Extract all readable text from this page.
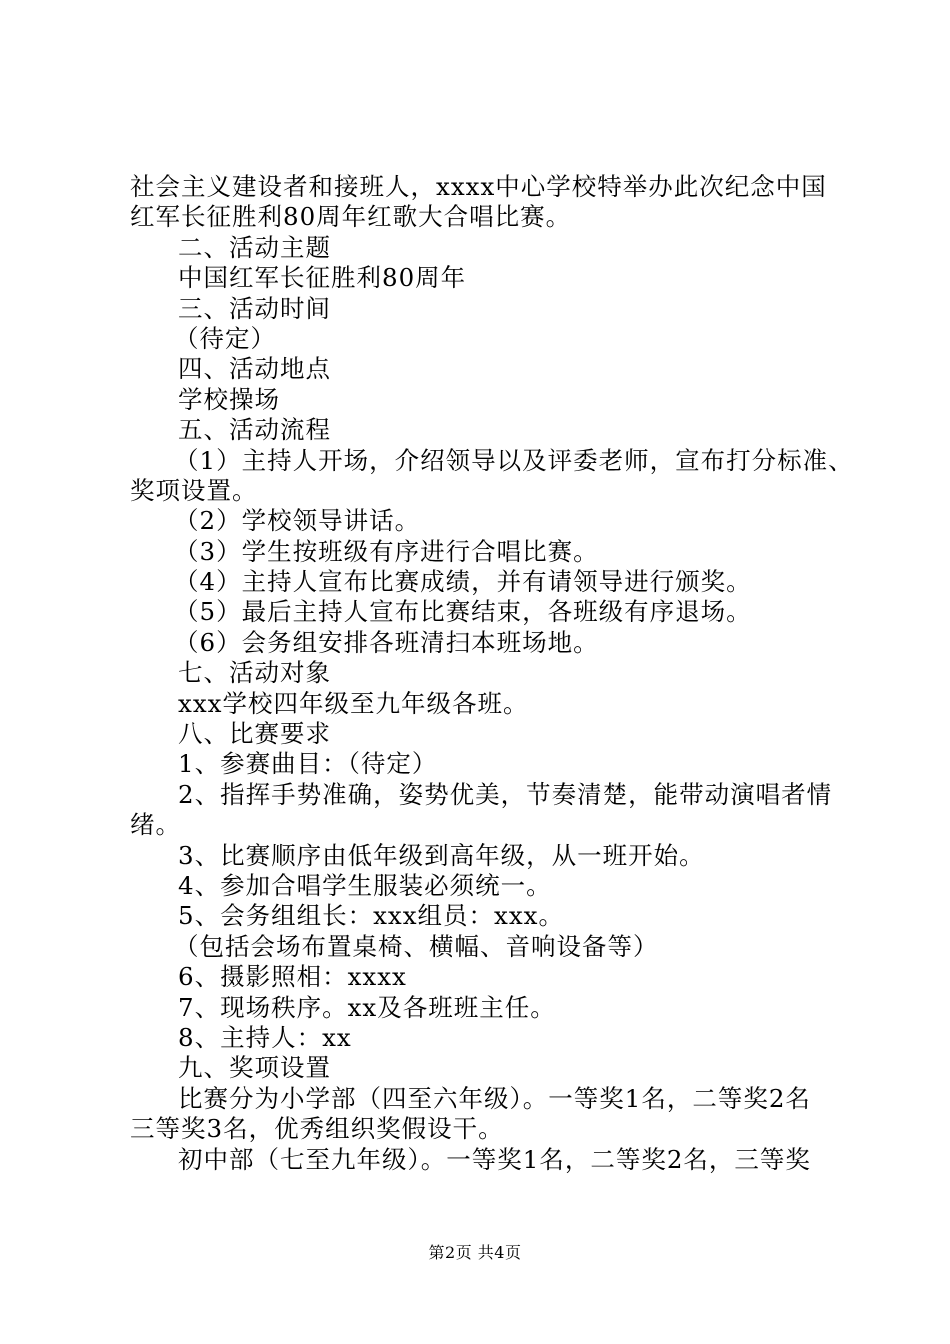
社会主义建设者和接班人，xxxx中心学校特举办此次纪念中国
红军长征胜利80周年红歌大合唱比赛。
二、活动主题
中国红军长征胜利80周年
三、活动时间
（待定）
四、活动地点
学校操场
五、活动流程
（1）主持人开场，介绍领导以及评委老师，宣布打分标准、
奖项设置。
（2）学校领导讲话。
（3）学生按班级有序进行合唱比赛。
（4）主持人宣布比赛成绩，并有请领导进行颁奖。
（5）最后主持人宣布比赛结束，各班级有序退场。
（6）会务组安排各班清扫本班场地。
七、活动对象
xxx学校四年级至九年级各班。
八、比赛要求
1、参赛曲目：（待定）
2、指挥手势准确，姿势优美，节奏清楚，能带动演唱者情
绪。
3、比赛顺序由低年级到高年级，从一班开始。
4、参加合唱学生服装必须统一。
5、会务组组长：xxx组员：xxx。
（包括会场布置桌椅、横幅、音响设备等）
6、摄影照相：xxxx
7、现场秩序。xx及各班班主任。
8、主持人：xx
九、奖项设置
比赛分为小学部（四至六年级）。一等奖1名，二等奖2名
三等奖3名，优秀组织奖假设干。
初中部（七至九年级）。一等奖1名，二等奖2名，三等奖
第2页 共4页
